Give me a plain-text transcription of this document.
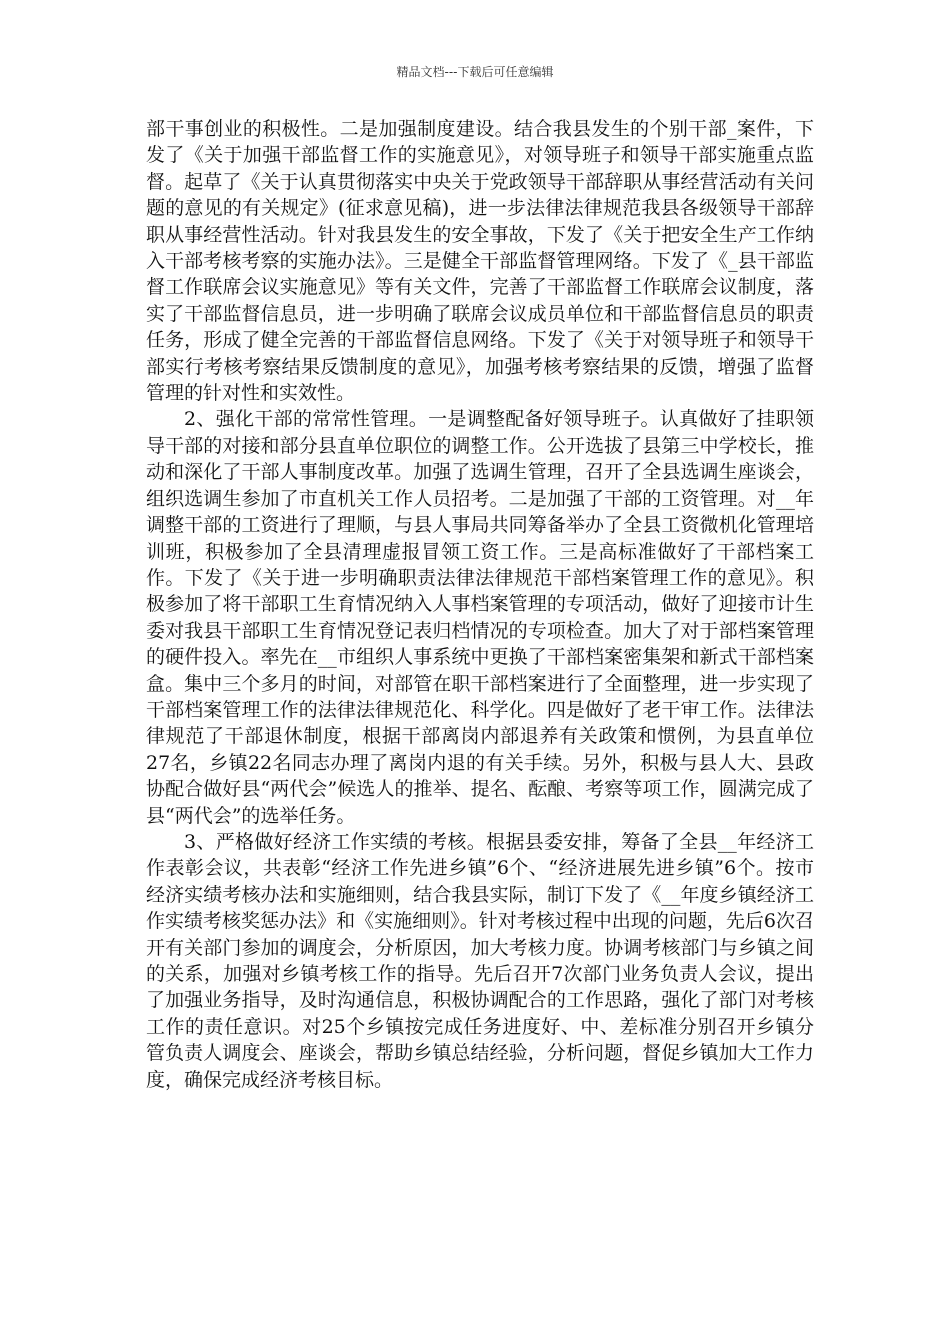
精品文档---下载后可任意编辑

部干事创业的积极性。二是加强制度建设。结合我县发生的个别干部_案件，下发了《关于加强干部监督工作的实施意见》，对领导班子和领导干部实施重点监督。起草了《关于认真贯彻落实中央关于党政领导干部辞职从事经营活动有关问题的意见的有关规定》(征求意见稿)，进一步法律法律规范我县各级领导干部辞职从事经营性活动。针对我县发生的安全事故，下发了《关于把安全生产工作纳入干部考核考察的实施办法》。三是健全干部监督管理网络。下发了《_县干部监督工作联席会议实施意见》等有关文件，完善了干部监督工作联席会议制度，落实了干部监督信息员，进一步明确了联席会议成员单位和干部监督信息员的职责任务，形成了健全完善的干部监督信息网络。下发了《关于对领导班子和领导干部实行考核考察结果反馈制度的意见》，加强考核考察结果的反馈，增强了监督管理的针对性和实效性。

2、强化干部的常常性管理。一是调整配备好领导班子。认真做好了挂职领导干部的对接和部分县直单位职位的调整工作。公开选拔了县第三中学校长，推动和深化了干部人事制度改革。加强了选调生管理，召开了全县选调生座谈会，组织选调生参加了市直机关工作人员招考。二是加强了干部的工资管理。对__年调整干部的工资进行了理顺，与县人事局共同筹备举办了全县工资微机化管理培训班，积极参加了全县清理虚报冒领工资工作。三是高标准做好了干部档案工作。下发了《关于进一步明确职责法律法律规范干部档案管理工作的意见》。积极参加了将干部职工生育情况纳入人事档案管理的专项活动，做好了迎接市计生委对我县干部职工生育情况登记表归档情况的专项检查。加大了对于部档案管理的硬件投入。率先在__市组织人事系统中更换了干部档案密集架和新式干部档案盒。集中三个多月的时间，对部管在职干部档案进行了全面整理，进一步实现了干部档案管理工作的法律法律规范化、科学化。四是做好了老干审工作。法律法律规范了干部退休制度，根据干部离岗内部退养有关政策和惯例，为县直单位27名，乡镇22名同志办理了离岗内退的有关手续。另外，积极与县人大、县政协配合做好县“两代会”候选人的推举、提名、酝酿、考察等项工作，圆满完成了县“两代会”的选举任务。

3、严格做好经济工作实绩的考核。根据县委安排，筹备了全县__年经济工作表彰会议，共表彰“经济工作先进乡镇”6个、“经济进展先进乡镇”6个。按市经济实绩考核办法和实施细则，结合我县实际，制订下发了《__年度乡镇经济工作实绩考核奖惩办法》和《实施细则》。针对考核过程中出现的问题，先后6次召开有关部门参加的调度会，分析原因，加大考核力度。协调考核部门与乡镇之间的关系，加强对乡镇考核工作的指导。先后召开7次部门业务负责人会议，提出了加强业务指导，及时沟通信息，积极协调配合的工作思路，强化了部门对考核工作的责任意识。对25个乡镇按完成任务进度好、中、差标准分别召开乡镇分管负责人调度会、座谈会，帮助乡镇总结经验，分析问题，督促乡镇加大工作力度，确保完成经济考核目标。
